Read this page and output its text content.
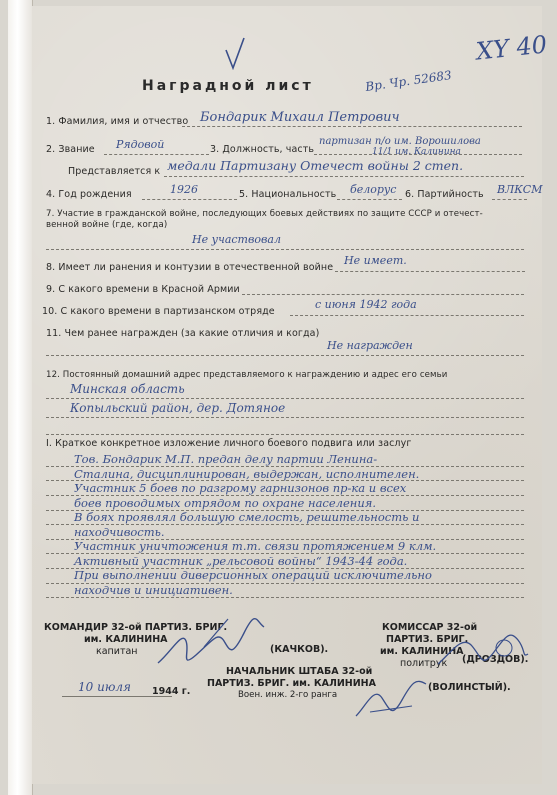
Наградной лист	Вр. Чр. 52683
XY 40
1. Фамилия, имя и отчество Бондарик Михаил Петрович
2. Звание Рядовой	3. Должность, часть
партизан п/о им. Ворошилова
11/1 им. Калинина
Представляется к медали Партизану Отечест войны 2 степ.
4. Год рождения	1926	5. Национальность белорус 6. Партийность ВЛКСМ
7. Участие в гражданской войне, последующих боевых действиях по защите СССР и отечест-
венной войне (где, когда)
Не участвовал
8. Имеет ли ранения и контузии в отечественной войне
Не имеет.
9. С какого времени в Красной Армии
10. С какого времени в партизанском отряде
с июня 1942 года
11. Чем ранее награжден (за какие отличия и когда)
Не награжден
12. Постоянный домашний адрес представляемого к награждению и адрес его семьи
Минская область
Копыльский район, дер. Дотяное
I. Краткое конкретное изложение личного боевого подвига или заслуг
Тов. Бондарик М.П. предан делу партии Ленина-
Сталина, дисциплинирован, выдержан, исполнителен.
Участник 5 боев по разгрому гарнизонов пр-ка и всех
боев проводимых отрядом по охране населения.
В боях проявлял большую смелость, решительность и
находчивость.
Участник уничтожения т.т. связи протяжением 9 клм.
Активный участник „рельсовой войны“ 1943-44 года.
При выполнении диверсионных операций исключительно
находчив и инициативен.
КОМАНДИР 32-ой ПАРТИЗ. БРИГ.
им. КАЛИНИНА
капитан	(КАЧКОВ).
КОМИССАР 32-ой
ПАРТИЗ. БРИГ.
им. КАЛИНИНА
политрук (ДРОЗДОВ).
НАЧАЛЬНИК ШТАБА 32-ой
ПАРТИЗ. БРИГ. им. КАЛИНИНА
Воен. инж. 2-го ранга
(ВОЛИНСТЫЙ).
10 июля 1944 г.
